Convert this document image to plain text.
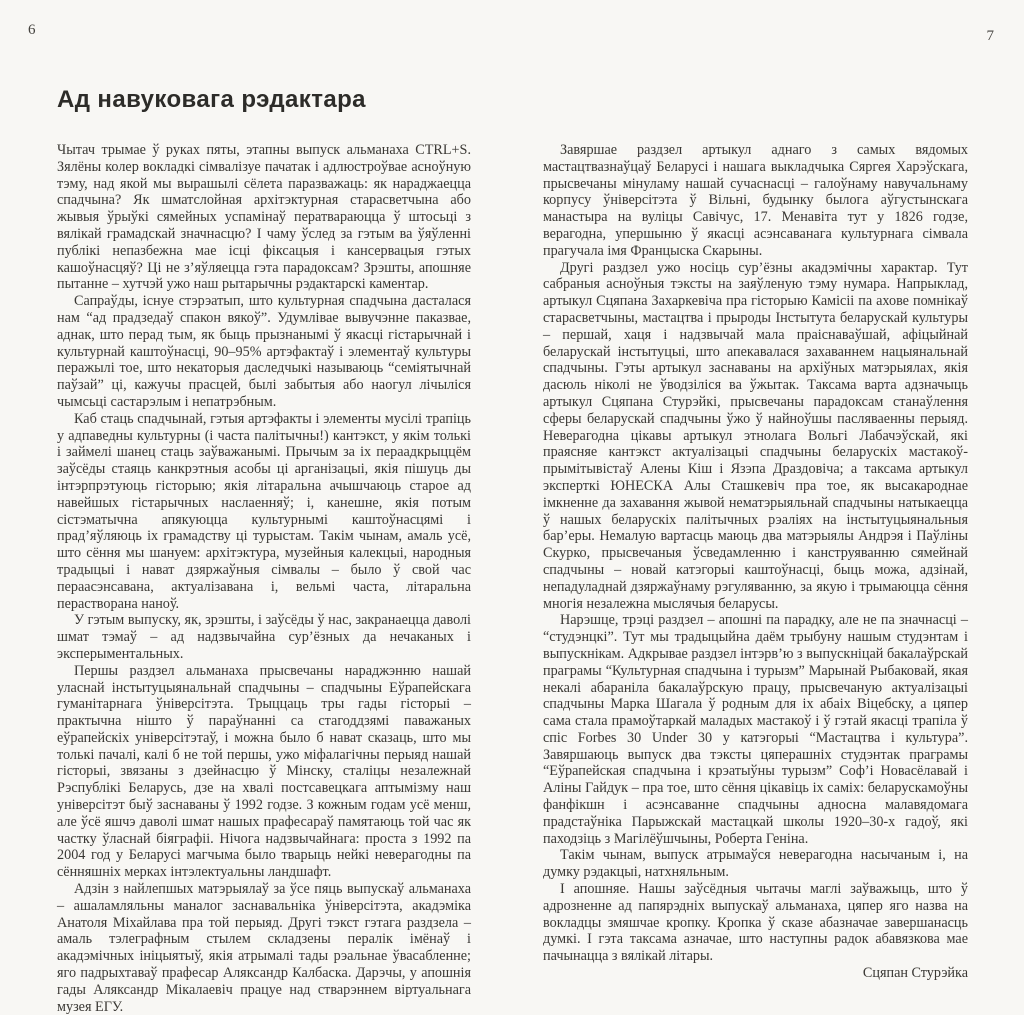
6
Ад навуковага рэдактара

Чытач трымае ў руках пяты, этапны выпуск альманаха CTRL+S. Зялёны колер вокладкі сімвалізуе пачатак і адлюстроўвае асноўную тэму, над якой мы вырашылі сёлета паразважаць: як нараджаецца спадчына? Як шматслойная архітэктурная старасветчына або жывыя ўрыўкі сямейных успамінаў ператвараюцца ў штосьці з вялікай грамадскай значнасцю? І чаму ўслед за гэтым ва ўяўленні публікі непазбежна мае ісці фіксацыя і кансервацыя гэтых кашоўнасцяў? Ці не з’яўляецца гэта парадоксам? Зрэшты, апошняе пытанне – хутчэй ужо наш рытарычны рэдактарскі каментар.

Сапраўды, існуе стэрэатып, што культурная спадчына дасталася нам “ад прадзедаў спакон вякоў”. Удумлівае вывучэнне паказвае, аднак, што перад тым, як быць прызнанымі ў якасці гістарычнай і культурнай каштоўнасці, 90–95% артэфактаў і элементаў культуры перажылі тое, што некаторыя даследчыкі называюць “семіятычнай паўзай” ці, кажучы прасцей, былі забытыя або наогул лічыліся чымсьці састарэлым і непатрэбным.

Каб стаць спадчынай, гэтыя артэфакты і элементы мусілі трапіць у адпаведны культурны (і часта палітычны!) кантэкст, у якім толькі і займелі шанец стаць заўважанымі. Прычым за іх пераадкрыццём заўсёды стаяць канкрэтныя асобы ці арганізацыі, якія пішуць ды інтэрпрэтуюць гісторыю; якія літаральна ачышчаюць старое ад навейшых гістарычных наслаенняў; і, канешне, якія потым сістэматычна апякуюцца культурнымі каштоўнасцямі і прад’яўляюць іх грамадству ці турыстам. Такім чынам, амаль усё, што сёння мы шануем: архітэктура, музейныя калекцыі, народныя традыцыі і нават дзяржаўныя сімвалы – было ў свой час пераасэнсавана, актуалізавана і, вельмі часта, літаральна перастворана наноў.

У гэтым выпуску, як, зрэшты, і заўсёды ў нас, закранаецца даволі шмат тэмаў – ад надзвычайна сур’ёзных да нечаканых і эксперыментальных.

Першы раздзел альманаха прысвечаны нараджэнню нашай уласнай інстытуцыянальнай спадчыны – спадчыны Еўрапейскага гуманітарнага ўніверсітэта. Трыццаць тры гады гісторыі – практычна нішто ў параўнанні са стагоддзямі паважаных еўрапейскіх універсітэтаў, і можна было б нават сказаць, што мы толькі пачалі, калі б не той першы, ужо міфалагічны перыяд нашай гісторыі, звязаны з дзейнасцю ў Мінску, сталіцы незалежнай Рэспублікі Беларусь, дзе на хвалі постсавецкага аптымізму наш універсітэт быў заснаваны ў 1992 годзе. З кожным годам усё менш, але ўсё яшчэ даволі шмат нашых прафесараў памятаюць той час як частку ўласнай біяграфіі. Нічога надзвычайнага: проста з 1992 па 2004 год у Беларусі магчыма было тварыць нейкі неверагодны па сённяшніх мерках інтэлектуальны ландшафт.

Адзін з найлепшых матэрыялаў за ўсе пяць выпускаў альманаха – ашаламляльны маналог заснавальніка ўніверсітэта, акадэміка Анатоля Міхайлава пра той перыяд. Другі тэкст гэтага раздзела – амаль тэлеграфным стылем складзены пералік імёнаў і акадэмічных ініцыятыў, якія атрымалі тады рэальнае ўвасабленне; яго падрыхтаваў прафесар Аляксандр Калбаска. Дарэчы, у апошнія гады Аляксандр Мікалаевіч працуе над стварэннем віртуальнага музея ЕГУ.

7

Завяршае раздзел артыкул аднаго з самых вядомых мастацтвазнаўцаў Беларусі і нашага выкладчыка Сяргея Харэўскага, прысвечаны мінуламу нашай сучаснасці – галоўнаму навучальнаму корпусу ўніверсітэта ў Вільні, будынку былога аўгустынскага манастыра на вуліцы Савічус, 17. Менавіта тут у 1826 годзе, верагодна, упершыню ў якасці асэнсаванага культурнага сімвала прагучала імя Францыска Скарыны.

Другі раздзел ужо носіць сур’ёзны акадэмічны характар. Тут сабраныя асноўныя тэксты на заяўленую тэму нумара. Напрыклад, артыкул Сцяпана Захаркевіча пра гісторыю Камісіі па ахове помнікаў старасветчыны, мастацтва і прыроды Інстытута беларускай культуры – першай, хаця і надзвычай мала праіснаваўшай, афіцыйнай беларускай інстытуцыі, што апекавалася захаваннем нацыянальнай спадчыны. Гэты артыкул заснаваны на архіўных матэрыялах, якія дасюль ніколі не ўводзіліся ва ўжытак. Таксама варта адзначыць артыкул Сцяпана Стурэйкі, прысвечаны парадоксам станаўлення сферы беларускай спадчыны ўжо ў найноўшы пасляваенны перыяд. Неверагодна цікавы артыкул этнолага Вольгі Лабачэўскай, які праясняе кантэкст актуалізацыі спадчыны беларускіх мастакоў-прымітывістаў Алены Кіш і Язэпа Драздовіча; а таксама артыкул эксперткі ЮНЕСКА Алы Сташкевіч пра тое, як высакароднае імкненне да захавання жывой нематэрыяльнай спадчыны натыкаецца ў нашых беларускіх палітычных рэаліях на інстытуцыянальныя бар’еры. Немалую вартасць маюць два матэрыялы Андрэя і Паўліны Скурко, прысвечаныя ўсведамленню і канструяванню сямейнай спадчыны – новай катэгорыі каштоўнасці, быць можа, адзінай, непадуладнай дзяржаўнаму рэгуляванню, за якую і трымаюцца сёння многія незалежна мыслячыя беларусы.

Нарэшце, трэці раздзел – апошні па парадку, але не па значнасці – “студэнцкі”. Тут мы традыцыйна даём трыбуну нашым студэнтам і выпускнікам. Адкрывае раздзел інтэрв’ю з выпускніцай бакалаўрскай праграмы “Культурная спадчына і турызм” Марынай Рыбаковай, якая некалі абараніла бакалаўрскую працу, прысвечаную актуалізацыі спадчыны Марка Шагала ў родным для іх абаіх Віцебску, а цяпер сама стала прамоўтаркай маладых мастакоў і ў гэтай якасці трапіла ў спіс Forbes 30 Under 30 у катэгорыі “Мастацтва і культура”. Завяршаюць выпуск два тэксты цяперашніх студэнтак праграмы “Еўрапейская спадчына і крэатыўны турызм” Соф’і Новасёлавай і Аліны Гайдук – пра тое, што сёння цікавіць іх саміх: беларускамоўны фанфікшн і асэнсаванне спадчыны адносна малавядомага прадстаўніка Парыжскай мастацкай школы 1920–30-х гадоў, які паходзіць з Магілёўшчыны, Роберта Геніна.

Такім чынам, выпуск атрымаўся неверагодна насычаным і, на думку рэдакцыі, натхняльным.

І апошняе. Нашы заўсёдныя чытачы маглі заўважыць, што ў адрозненне ад папярэдніх выпускаў альманаха, цяпер яго назва на вокладцы змяшчае кропку. Кропка ў сказе абазначае завершанасць думкі. І гэта таксама азначае, што наступны радок абавязкова мае пачынацца з вялікай літары.

Сцяпан Стурэйка
